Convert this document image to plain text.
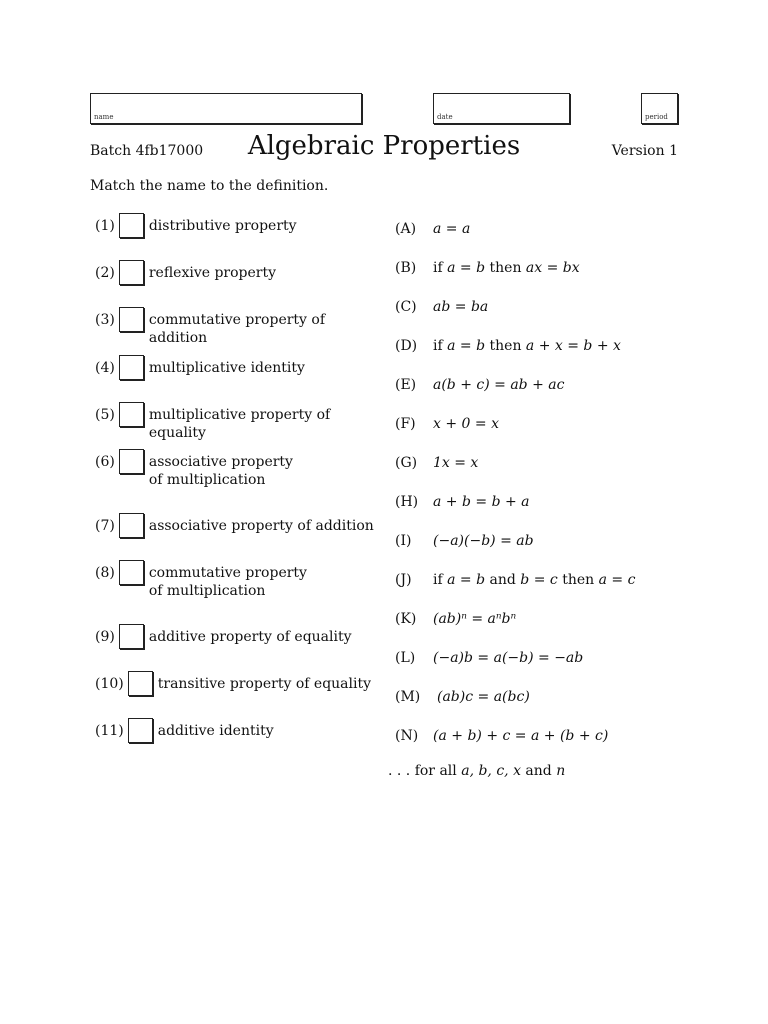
name	date	period
Batch 4fb17000	Algebraic Properties	Version 1
Match the name to the definition.
(1) distributive property
(2) reflexive property
(3) commutative property of addition
(4) multiplicative identity
(5) multiplicative property of equality
(6) associative property of multiplication
(7) associative property of addition
(8) commutative property of multiplication
(9) additive property of equality
(10) transitive property of equality
(11) additive identity
(A)	a = a
(B)	if a = b then ax = bx
(C)	ab = ba
(D)	if a = b then a + x = b + x
(E)	a(b + c) = ab + ac
(F)	x + 0 = x
(G)	1x = x
(H)	a + b = b + a
(I)	(−a)(−b) = ab
(J)	if a = b and b = c then a = c
(K)	(ab)ⁿ = aⁿbⁿ
(L)	(−a)b = a(−b) = −ab
(M)	(ab)c = a(bc)
(N)	(a + b) + c = a + (b + c)
. . . for all a, b, c, x and n
